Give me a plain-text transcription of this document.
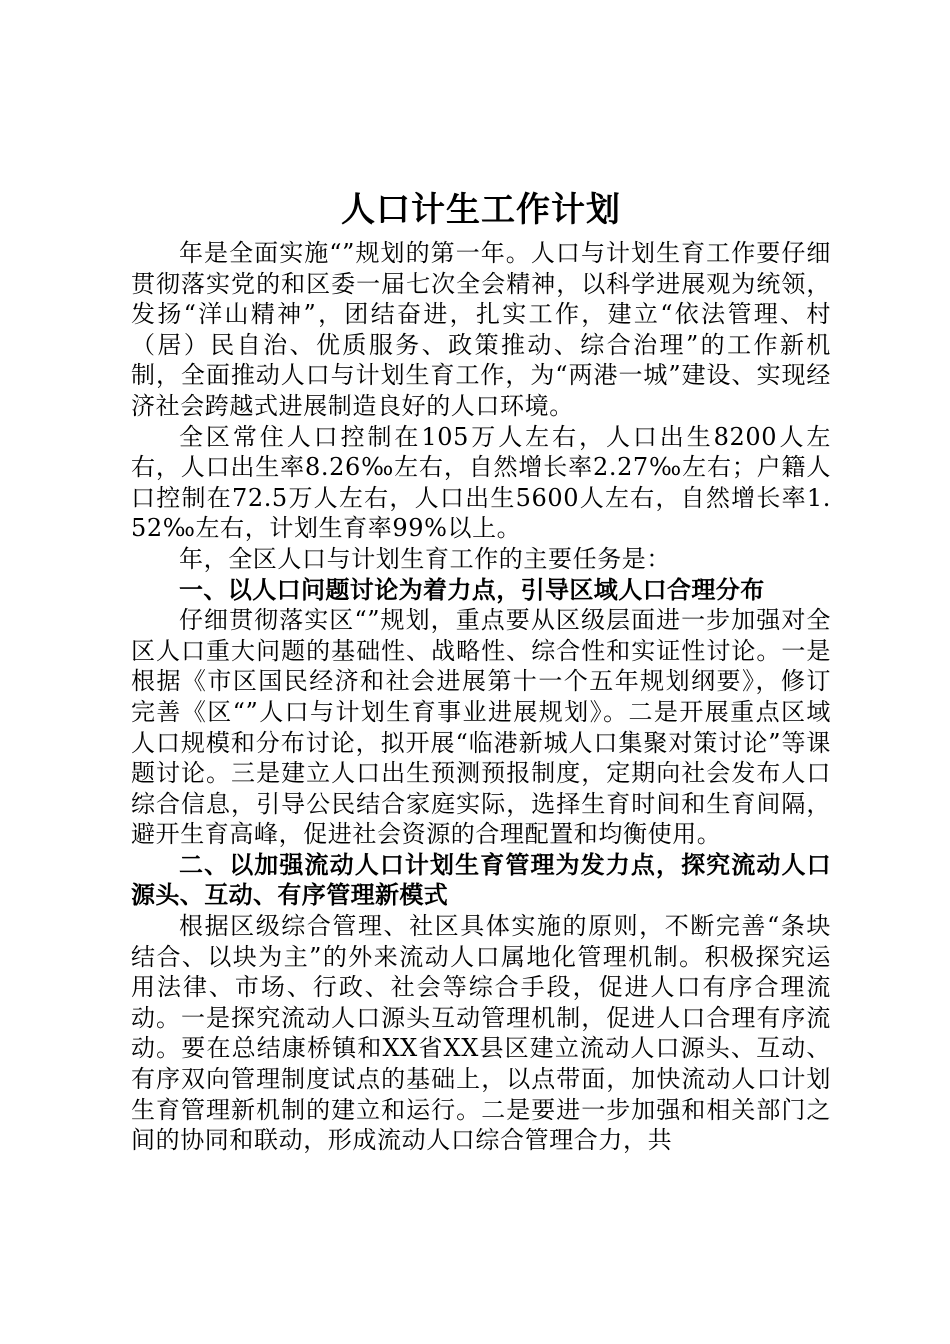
人口计生工作计划

年是全面实施“”规划的第一年。人口与计划生育工作要仔细贯彻落实党的和区委一届七次全会精神，以科学进展观为统领，发扬“洋山精神”，团结奋进，扎实工作，建立“依法管理、村（居）民自治、优质服务、政策推动、综合治理”的工作新机制，全面推动人口与计划生育工作，为“两港一城”建设、实现经济社会跨越式进展制造良好的人口环境。

全区常住人口控制在105万人左右，人口出生8200人左右，人口出生率8.26‰左右，自然增长率2.27‰左右；户籍人口控制在72.5万人左右，人口出生5600人左右，自然增长率1.52‰左右，计划生育率99%以上。

年，全区人口与计划生育工作的主要任务是：

一、以人口问题讨论为着力点，引导区域人口合理分布

仔细贯彻落实区“”规划，重点要从区级层面进一步加强对全区人口重大问题的基础性、战略性、综合性和实证性讨论。一是根据《市区国民经济和社会进展第十一个五年规划纲要》，修订完善《区“”人口与计划生育事业进展规划》。二是开展重点区域人口规模和分布讨论，拟开展“临港新城人口集聚对策讨论”等课题讨论。三是建立人口出生预测预报制度，定期向社会发布人口综合信息，引导公民结合家庭实际，选择生育时间和生育间隔，避开生育高峰，促进社会资源的合理配置和均衡使用。

二、以加强流动人口计划生育管理为发力点，探究流动人口源头、互动、有序管理新模式

根据区级综合管理、社区具体实施的原则，不断完善“条块结合、以块为主”的外来流动人口属地化管理机制。积极探究运用法律、市场、行政、社会等综合手段，促进人口有序合理流动。一是探究流动人口源头互动管理机制，促进人口合理有序流动。要在总结康桥镇和XX省XX县区建立流动人口源头、互动、有序双向管理制度试点的基础上，以点带面，加快流动人口计划生育管理新机制的建立和运行。二是要进一步加强和相关部门之间的协同和联动，形成流动人口综合管理合力，共
